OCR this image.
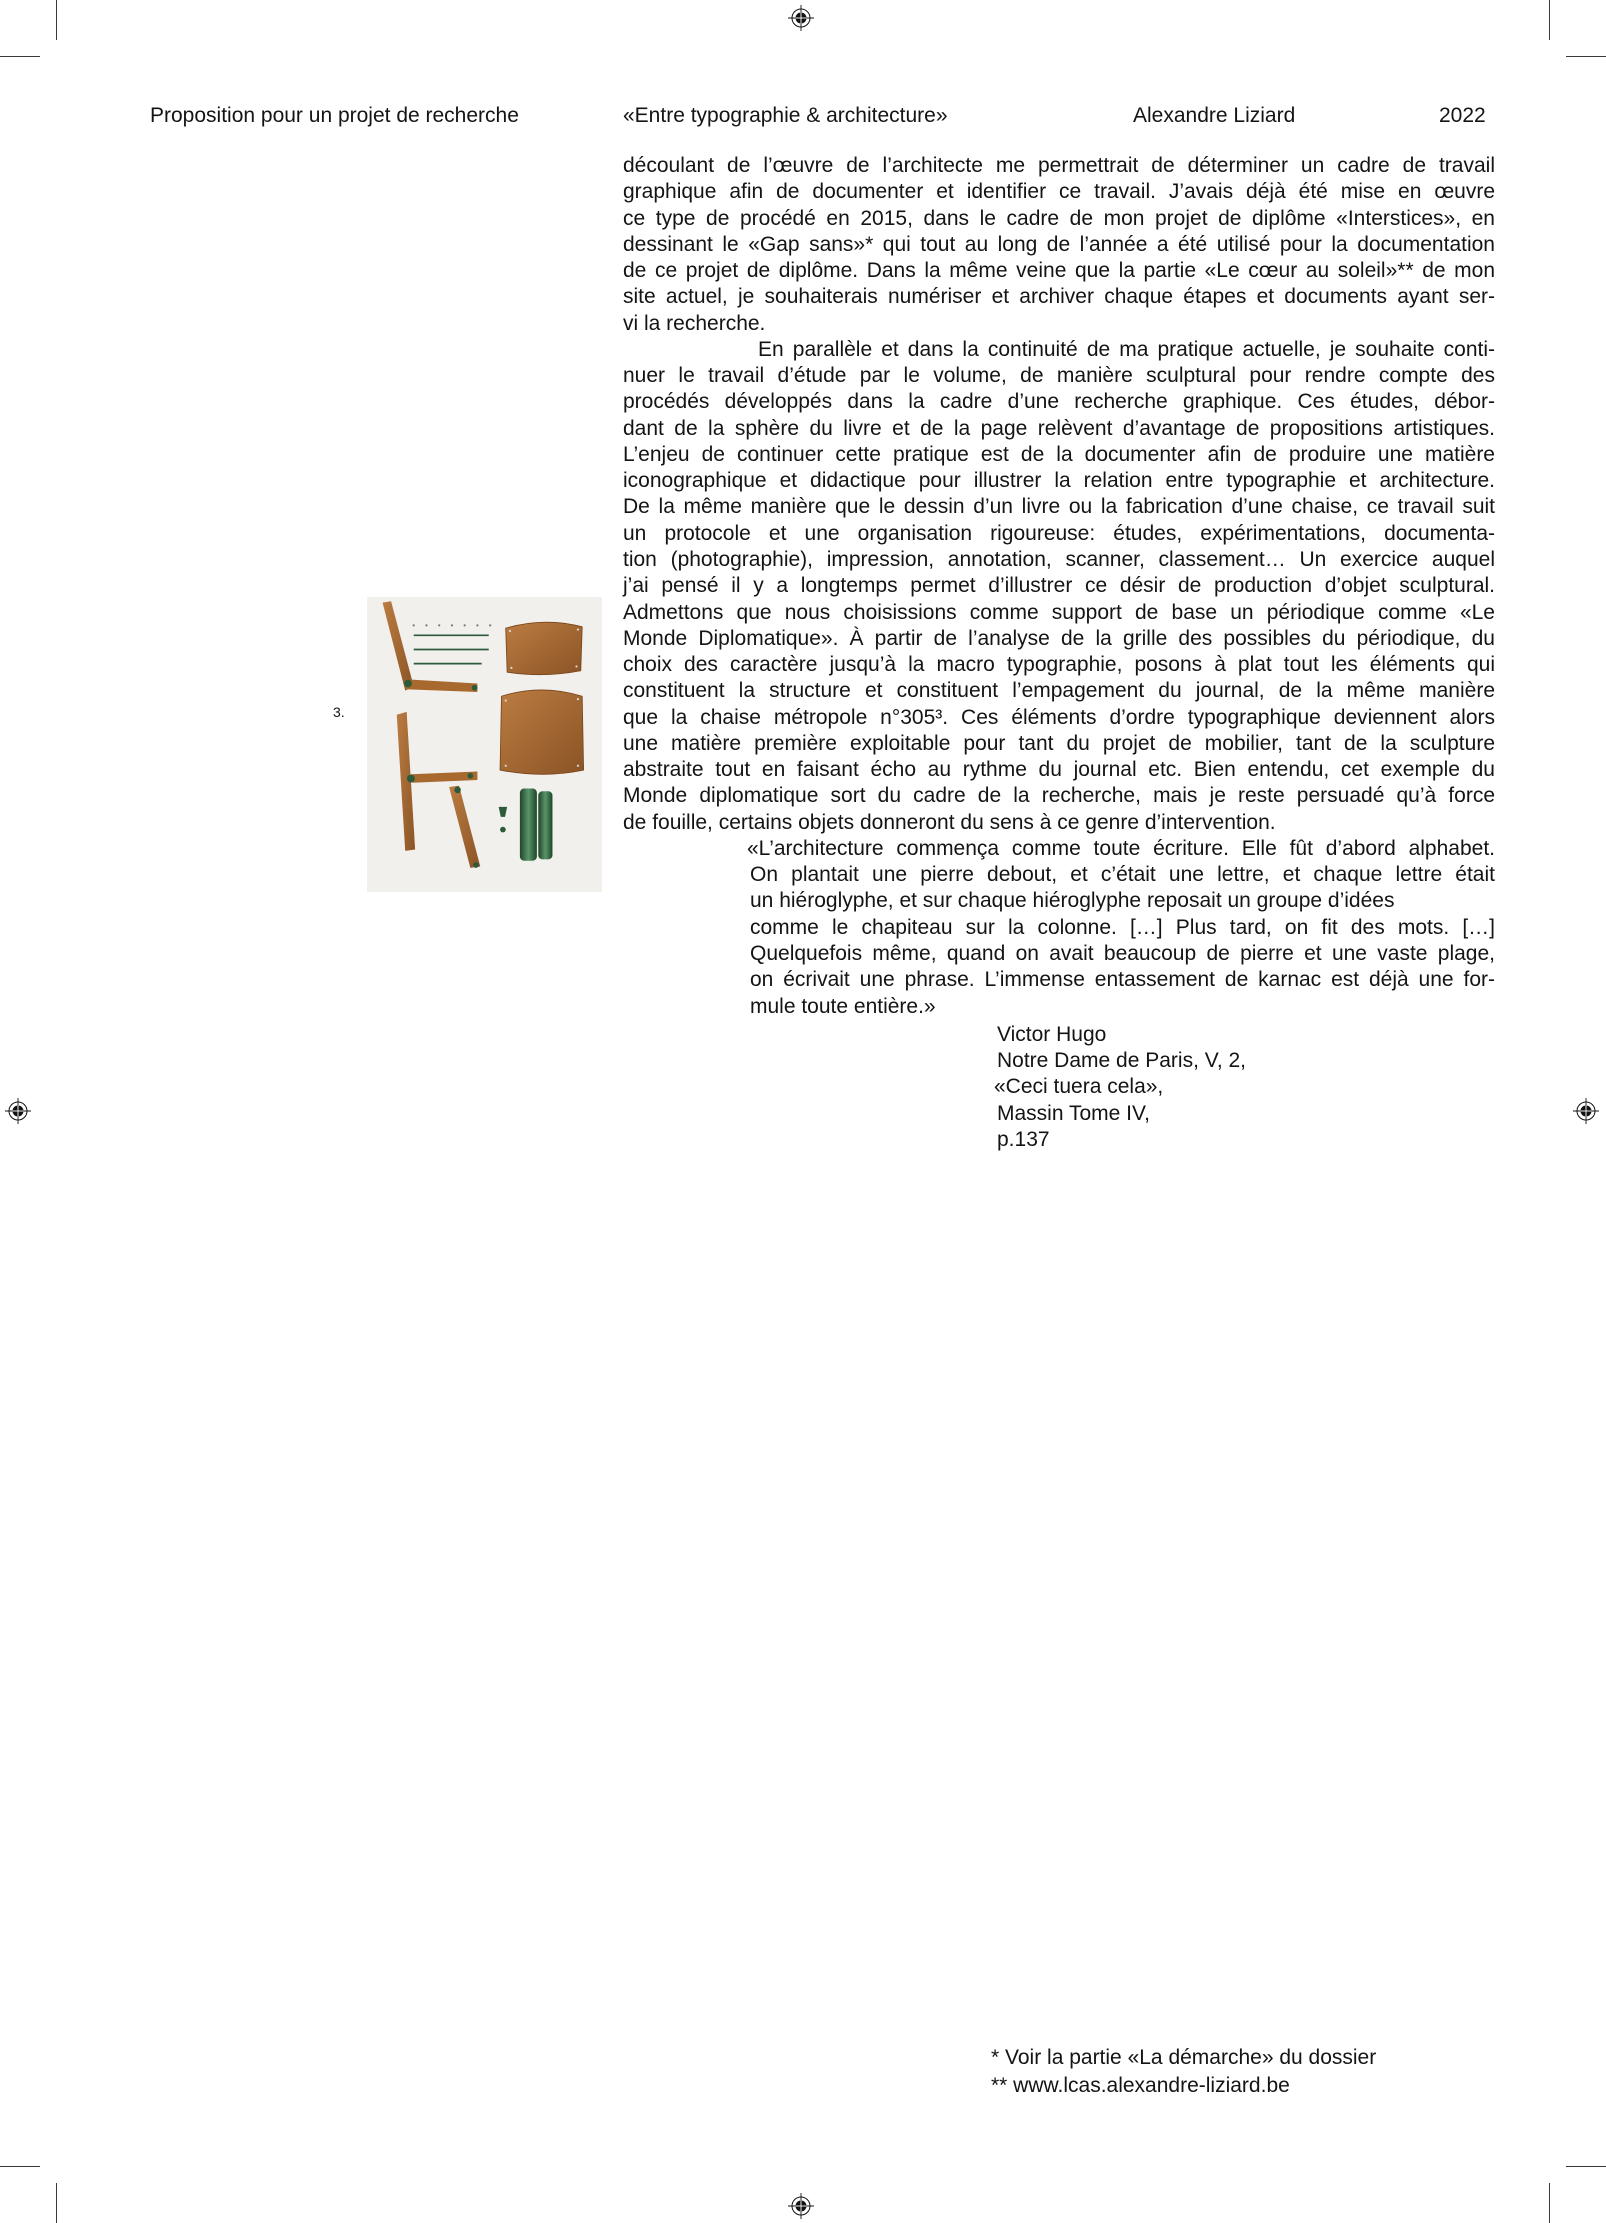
Proposition pour un projet de recherche	«Entre typographie & architecture»	Alexandre Liziard	2022
3.
découlant de l’œuvre de l’architecte me permettrait de déterminer un cadre de travail
graphique afin de documenter et identifier ce travail. J’avais déjà été mise en œuvre
ce type de procédé en 2015, dans le cadre de mon projet de diplôme «Interstices», en
dessinant le «Gap sans»* qui tout au long de l’année a été utilisé pour la documentation
de ce projet de diplôme. Dans la même veine que la partie «Le cœur au soleil»** de mon
site actuel, je souhaiterais numériser et archiver chaque étapes et documents ayant ser-
vi la recherche.
En parallèle et dans la continuité de ma pratique actuelle, je souhaite conti-
nuer le travail d’étude par le volume, de manière sculptural pour rendre compte des
procédés développés dans la cadre d’une recherche graphique. Ces études, débor-
dant de la sphère du livre et de la page relèvent d’avantage de propositions artistiques.
L’enjeu de continuer cette pratique est de la documenter afin de produire une matière
iconographique et didactique pour illustrer la relation entre typographie et architecture.
De la même manière que le dessin d’un livre ou la fabrication d’une chaise, ce travail suit
un protocole et une organisation rigoureuse: études, expérimentations, documenta-
tion (photographie), impression, annotation, scanner, classement… Un exercice auquel
j’ai pensé il y a longtemps permet d’illustrer ce désir de production d’objet sculptural.
Admettons que nous choisissions comme support de base un périodique comme «Le
Monde Diplomatique». À partir de l’analyse de la grille des possibles du périodique, du
choix des caractère jusqu’à la macro typographie, posons à plat tout les éléments qui
constituent la structure et constituent l’empagement du journal, de la même manière
que la chaise métropole n°305³. Ces éléments d’ordre typographique deviennent alors
une matière première exploitable pour tant du projet de mobilier, tant de la sculpture
abstraite tout en faisant écho au rythme du journal etc. Bien entendu, cet exemple du
Monde diplomatique sort du cadre de la recherche, mais je reste persuadé qu’à force
de fouille, certains objets donneront du sens à ce genre d’intervention.
«L’architecture commença comme toute écriture. Elle fût d’abord alphabet.
On plantait une pierre debout, et c’était une lettre, et chaque lettre était
un hiéroglyphe, et sur chaque hiéroglyphe reposait un groupe d’idées
comme le chapiteau sur la colonne. […] Plus tard, on fit des mots. […]
Quelquefois même, quand on avait beaucoup de pierre et une vaste plage,
on écrivait une phrase. L’immense entassement de karnac est déjà une for-
mule toute entière.»
Victor Hugo
Notre Dame de Paris, V, 2,
«Ceci tuera cela»,
Massin Tome IV,
p.137
* Voir la partie «La démarche» du dossier
** www.lcas.alexandre-liziard.be
